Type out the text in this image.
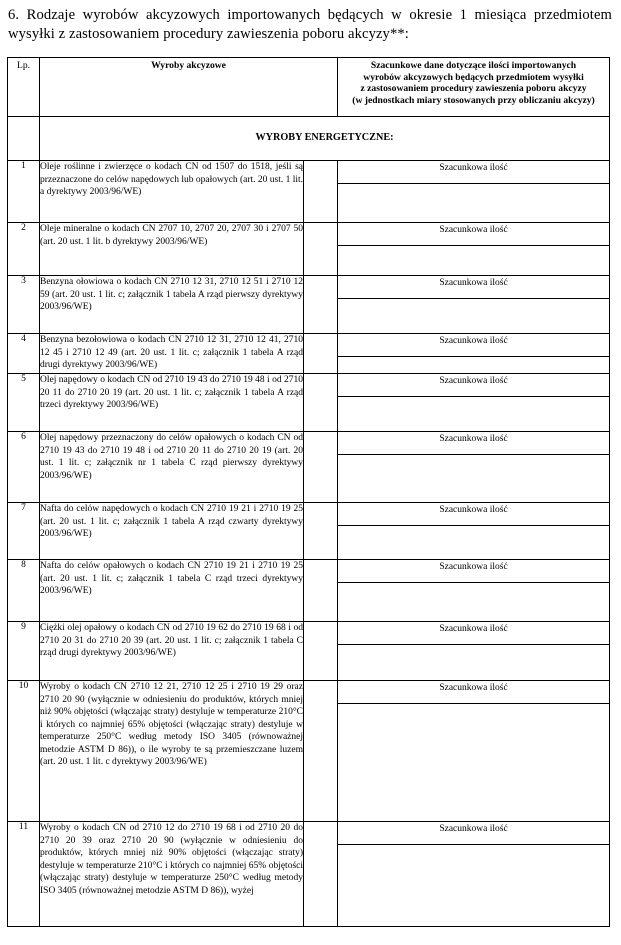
6. Rodzaje wyrobów akcyzowych importowanych będących w okresie 1 miesiąca przedmiotem wysyłki z zastosowaniem procedury zawieszenia poboru akcyzy**:
Lp.	Wyroby akcyzowe		Szacunkowe dane dotyczące ilości importowanych
wyrobów akcyzowych będących przedmiotem wysyłki
z zastosowaniem procedury zawieszenia poboru akcyzy
(w jednostkach miary stosowanych przy obliczaniu akcyzy)

	WYROBY ENERGETYCZNE:		

1	Oleje roślinne i zwierzęce o kodach CN od 1507 do 1518, jeśli są przeznaczone do celów napędowych lub opałowych (art. 20 ust. 1 lit. a dyrektywy 2003/96/WE)		Szacunkowa ilość

2	Oleje mineralne o kodach CN 2707 10, 2707 20, 2707 30 i 2707 50 (art. 20 ust. 1 lit. b dyrektywy 2003/96/WE)		Szacunkowa ilość

3	Benzyna ołowiowa o kodach CN 2710 12 31, 2710 12 51 i 2710 12 59 (art. 20 ust. 1 lit. c; załącznik 1 tabela A rząd pierwszy dyrektywy 2003/96/WE)		Szacunkowa ilość

4	Benzyna bezołowiowa o kodach CN 2710 12 31, 2710 12 41, 2710 12 45 i 2710 12 49 (art. 20 ust. 1 lit. c; załącznik 1 tabela A rząd drugi dyrektywy 2003/96/WE)		Szacunkowa ilość

5	Olej napędowy o kodach CN od 2710 19 43 do 2710 19 48 i od 2710 20 11 do 2710 20 19 (art. 20 ust. 1 lit. c; załącznik 1 tabela A rząd trzeci dyrektywy 2003/96/WE)		Szacunkowa ilość

6	Olej napędowy przeznaczony do celów opałowych o kodach CN od 2710 19 43 do 2710 19 48 i od 2710 20 11 do 2710 20 19 (art. 20 ust. 1 lit. c; załącznik nr 1 tabela C rząd pierwszy dyrektywy 2003/96/WE)		Szacunkowa ilość

7	Nafta do celów napędowych o kodach CN 2710 19 21 i 2710 19 25 (art. 20 ust. 1 lit. c; załącznik 1 tabela A rząd czwarty dyrektywy 2003/96/WE)		Szacunkowa ilość

8	Nafta do celów opałowych o kodach CN 2710 19 21 i 2710 19 25 (art. 20 ust. 1 lit. c; załącznik 1 tabela C rząd trzeci dyrektywy 2003/96/WE)		Szacunkowa ilość

9	Ciężki olej opałowy o kodach CN od 2710 19 62 do 2710 19 68 i od 2710 20 31 do 2710 20 39 (art. 20 ust. 1 lit. c; załącznik 1 tabela C rząd drugi dyrektywy 2003/96/WE)		Szacunkowa ilość

10	Wyroby o kodach CN 2710 12 21, 2710 12 25 i 2710 19 29 oraz 2710 20 90 (wyłącznie w odniesieniu do produktów, których mniej niż 90% objętości (włączając straty) destyluje w temperaturze 210°C i których co najmniej 65% objętości (włączając straty) destyluje w temperaturze 250°C według metody ISO 3405 (równoważnej metodzie ASTM D 86)), o ile wyroby te są przemieszczane luzem (art. 20 ust. 1 lit. c dyrektywy 2003/96/WE)		Szacunkowa ilość

11	Wyroby o kodach CN od 2710 12 do 2710 19 68 i od 2710 20 do 2710 20 39 oraz 2710 20 90 (wyłącznie w odniesieniu do produktów, których mniej niż 90% objętości (włączając straty) destyluje w temperaturze 210°C i których co najmniej 65% objętości (włączając straty) destyluje w temperaturze 250°C według metody ISO 3405 (równoważnej metodzie ASTM D 86)), wyżej		Szacunkowa ilość
